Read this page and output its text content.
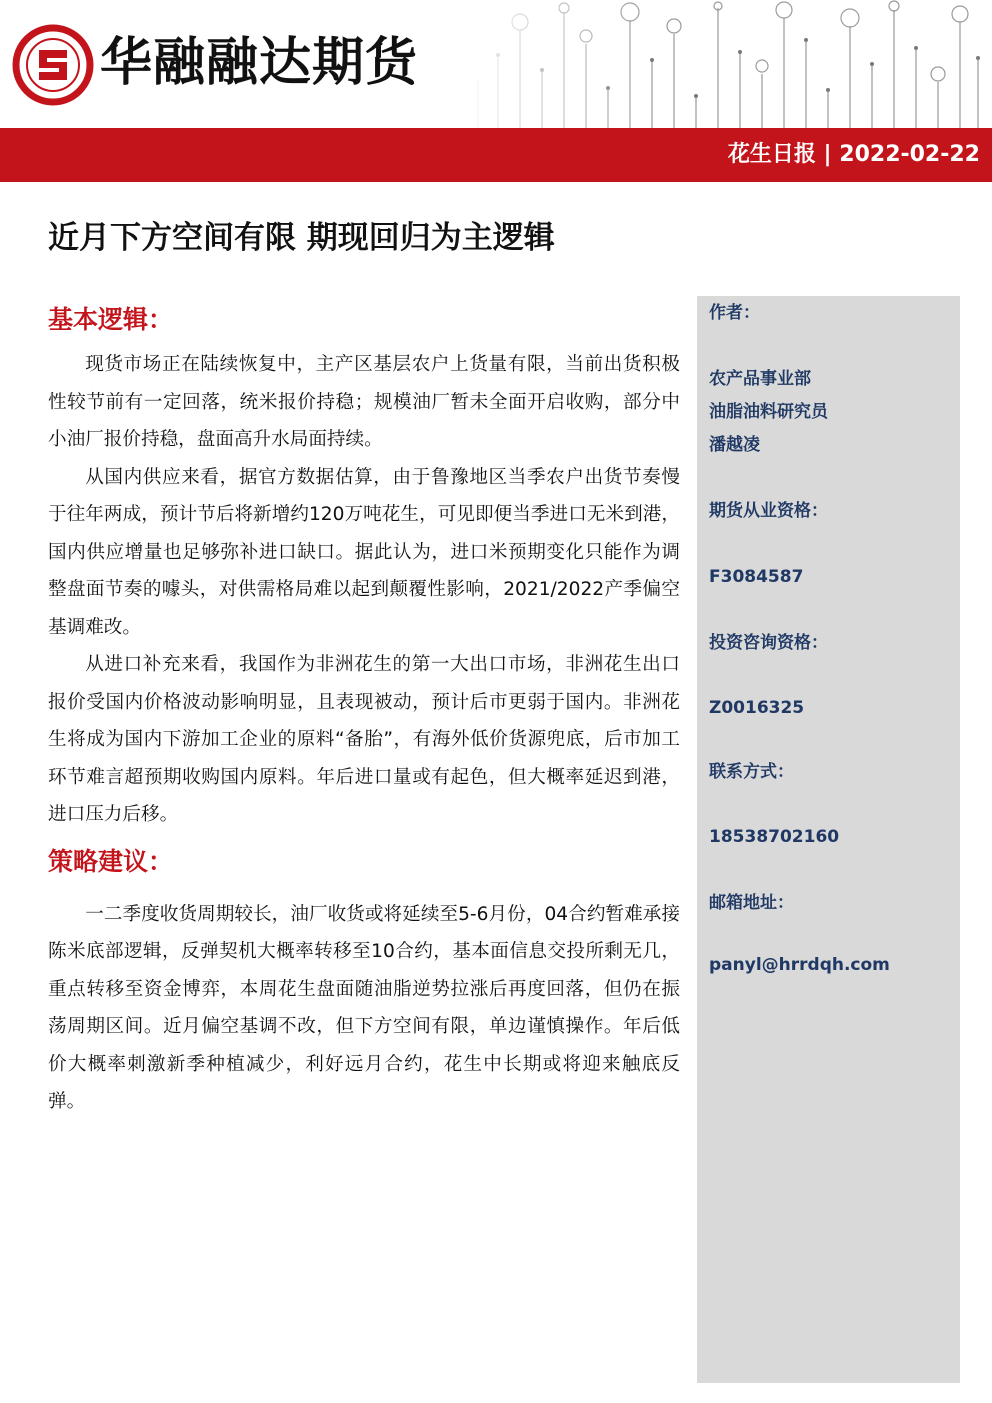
华融融达期货
花生日报 | 2022-02-22
近月下方空间有限 期现回归为主逻辑
基本逻辑：

现货市场正在陆续恢复中，主产区基层农户上货量有限，当前出货积极性较节前有一定回落，统米报价持稳；规模油厂暂未全面开启收购，部分中小油厂报价持稳，盘面高升水局面持续。

从国内供应来看，据官方数据估算，由于鲁豫地区当季农户出货节奏慢于往年两成，预计节后将新增约120万吨花生，可见即便当季进口无米到港，国内供应增量也足够弥补进口缺口。据此认为，进口米预期变化只能作为调整盘面节奏的噱头，对供需格局难以起到颠覆性影响，2021/2022产季偏空基调难改。

从进口补充来看，我国作为非洲花生的第一大出口市场，非洲花生出口报价受国内价格波动影响明显，且表现被动，预计后市更弱于国内。非洲花生将成为国内下游加工企业的原料“备胎”，有海外低价货源兜底，后市加工环节难言超预期收购国内原料。年后进口量或有起色，但大概率延迟到港，进口压力后移。

策略建议：

一二季度收货周期较长，油厂收货或将延续至5-6月份，04合约暂难承接陈米底部逻辑，反弹契机大概率转移至10合约，基本面信息交投所剩无几，重点转移至资金博弈，本周花生盘面随油脂逆势拉涨后再度回落，但仍在振荡周期区间。近月偏空基调不改，但下方空间有限，单边谨慎操作。年后低价大概率刺激新季种植减少，利好远月合约，花生中长期或将迎来触底反弹。

作者：
农产品事业部
油脂油料研究员
潘越凌
期货从业资格：
F3084587
投资咨询资格：
Z0016325
联系方式：
18538702160
邮箱地址：
panyl@hrrdqh.com
